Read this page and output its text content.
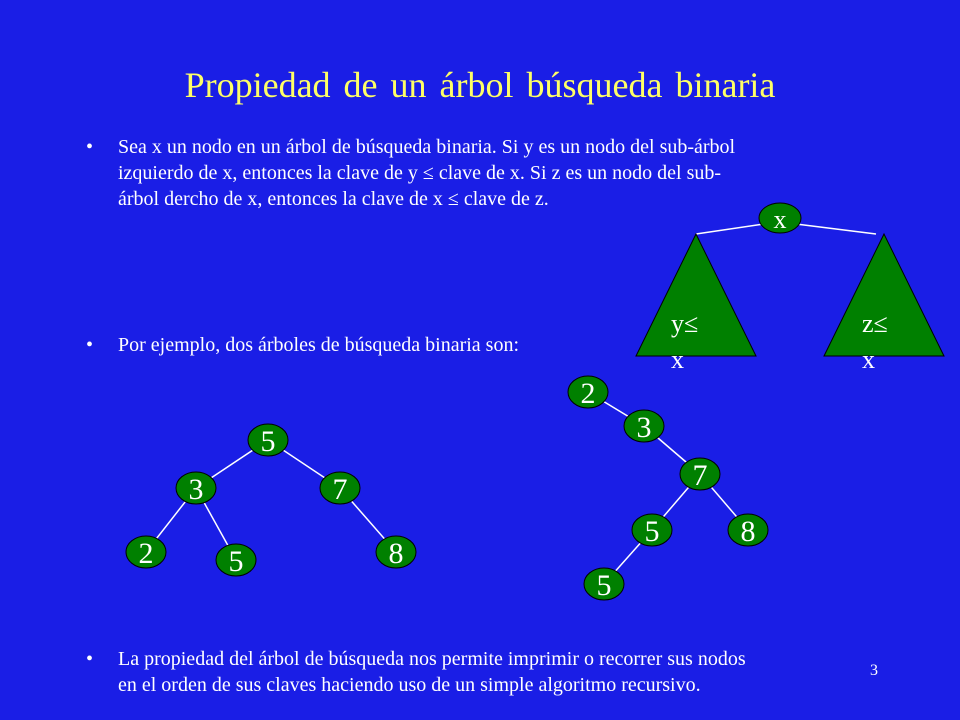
Propiedad de un árbol búsqueda binaria
• Sea x un nodo en un árbol de búsqueda binaria. Si y es un nodo del sub-árbol
izquierdo de x, entonces la clave de y ≤ clave de x. Si z es un nodo del sub-
árbol dercho de x, entonces la clave de x ≤ clave de z.
• Por ejemplo, dos árboles de búsqueda binaria son:
• La propiedad del árbol de búsqueda nos permite imprimir o recorrer sus nodos
en el orden de sus claves haciendo uso de un simple algoritmo recursivo.
3
x
y≤
x
z≤
x
5
3	7
2	5	8
2
3
7
5	8
5
